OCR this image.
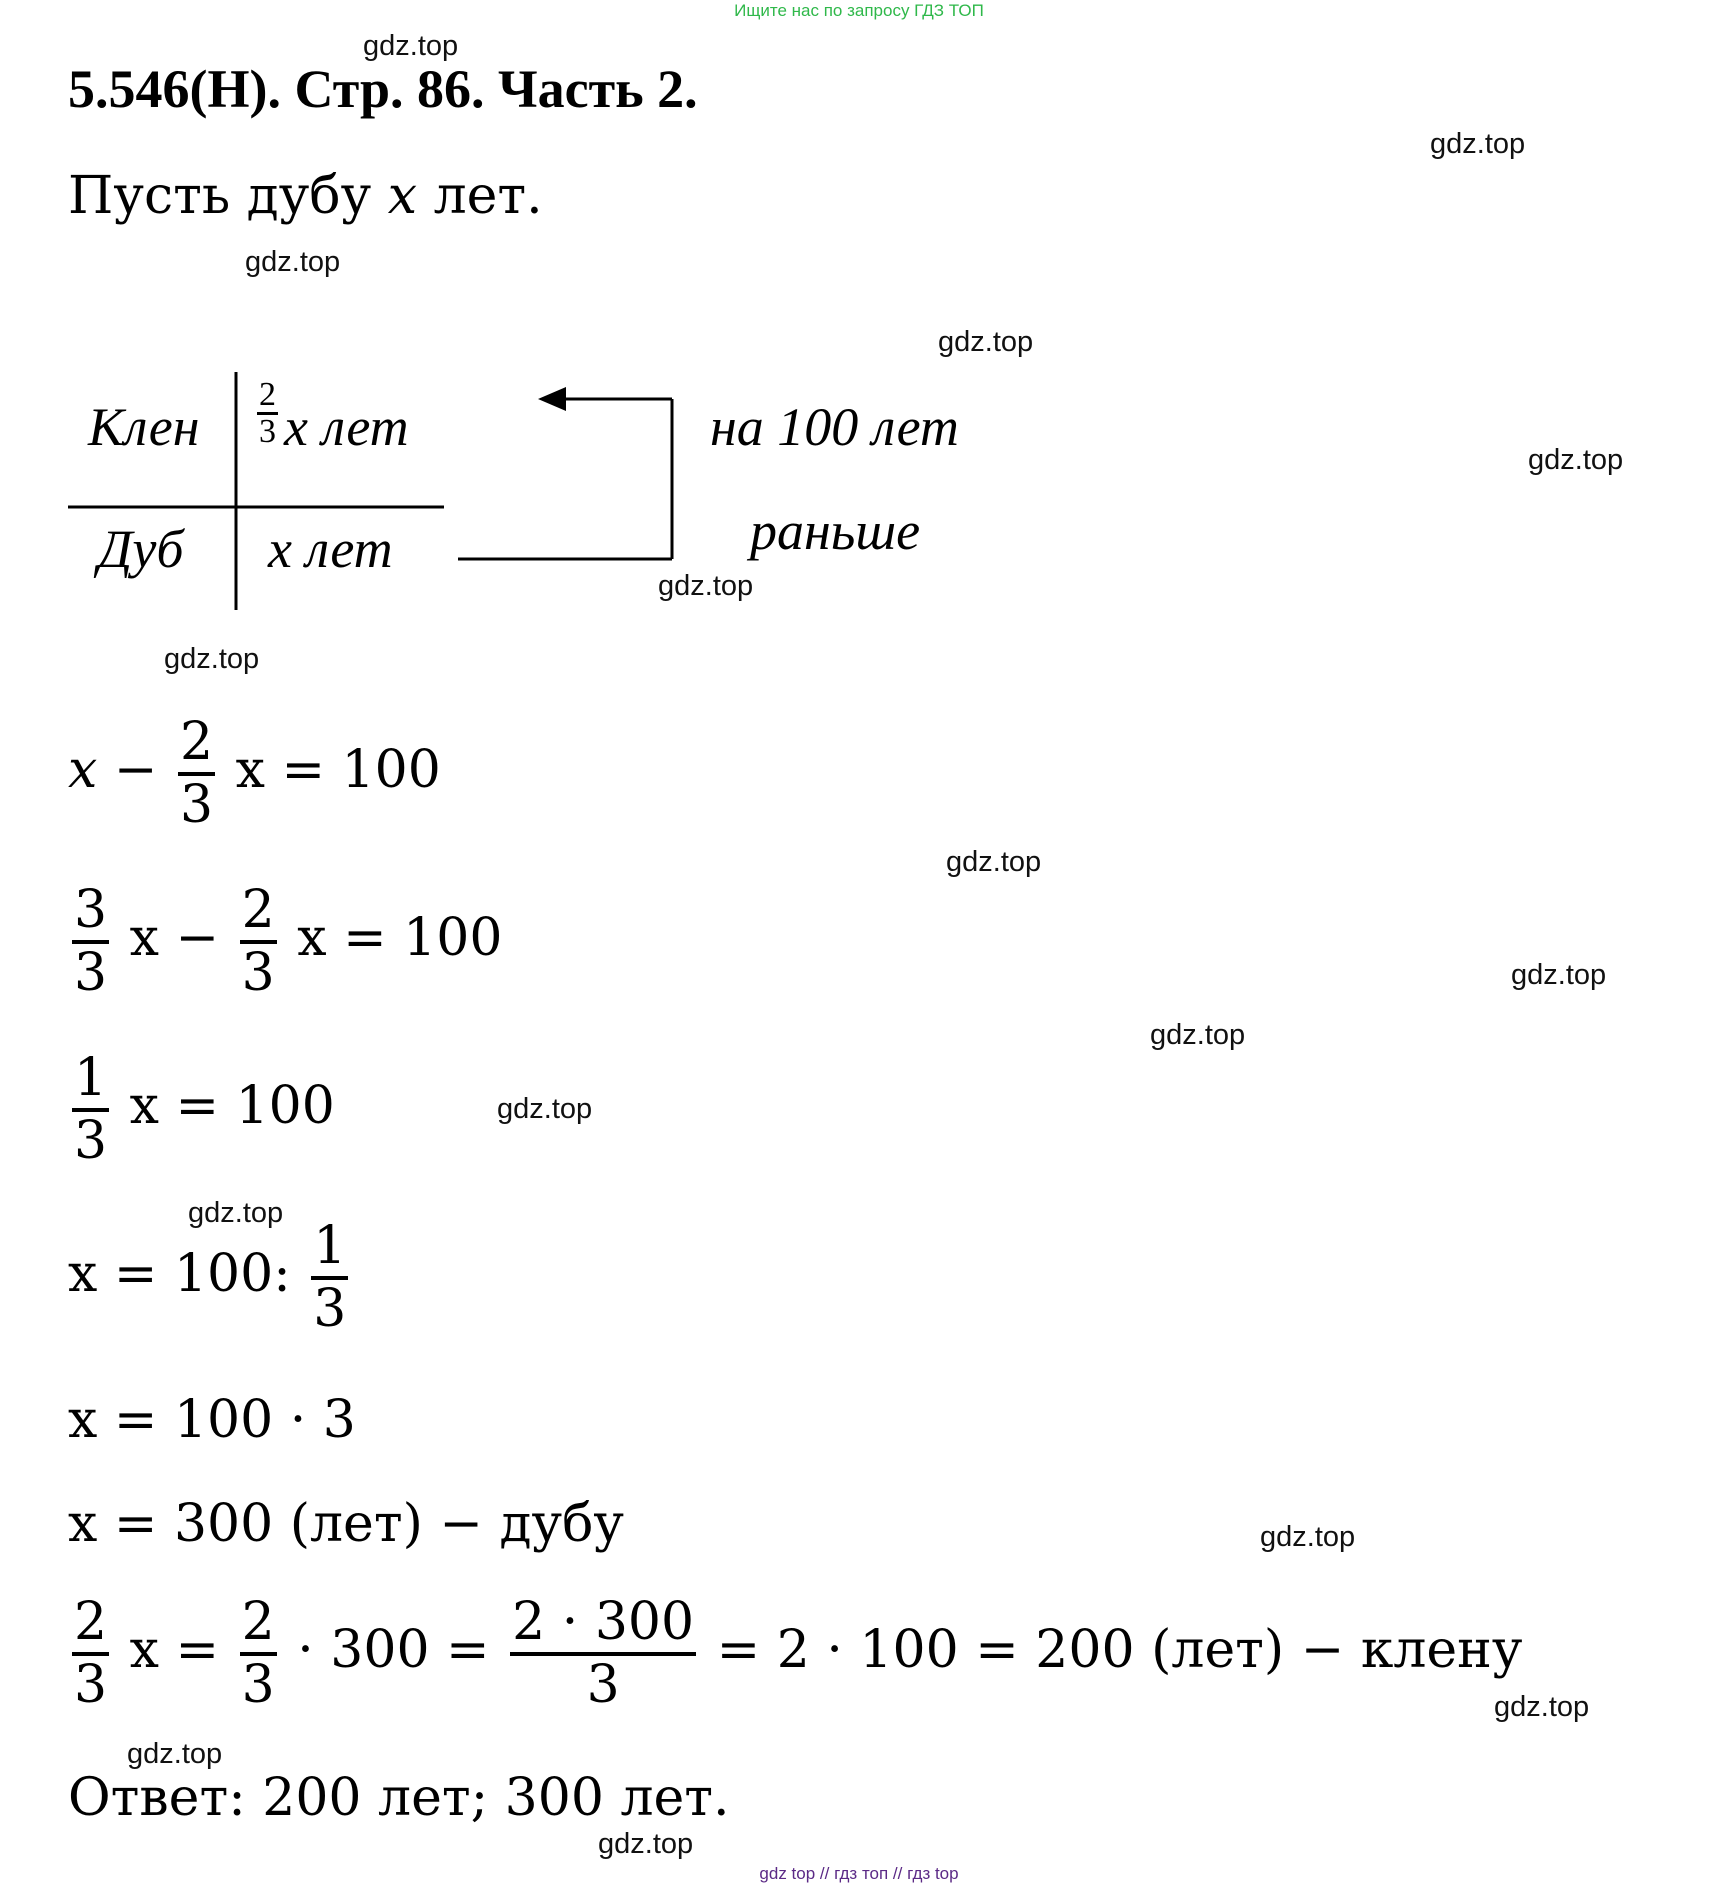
Ищите нас по запросу ГДЗ ТОП
5.546(Н). Стр. 86. Часть 2.
Пусть дубу x лет.
Клен $\frac{2}{3}$ x лет
Дуб x лет
на 100 лет
раньше
$x - \frac{2}{3}$ x = 100
$\frac{3}{3}$ $x - \frac{2}{3}$ x = 100
$\frac{1}{3}$ x = 100
x = 100: $\frac{1}{3}$
x = 100 · 3
x = 300 (лет) − дубу
$\frac{2}{3}$ $x = \frac{2}{3} \cdot 300 = \frac{2 \cdot 300}{3} = 2 \cdot 100 = 200$ (лет) − клену
Ответ: 200 лет; 300 лет.
gdz.top
gdz.top
gdz.top
gdz.top
gdz.top
gdz.top
gdz.top
gdz.top
gdz.top
gdz.top
gdz.top
gdz.top
gdz.top
gdz.top
gdz.top
gdz.top
gdz top // гдз топ // гдз top
